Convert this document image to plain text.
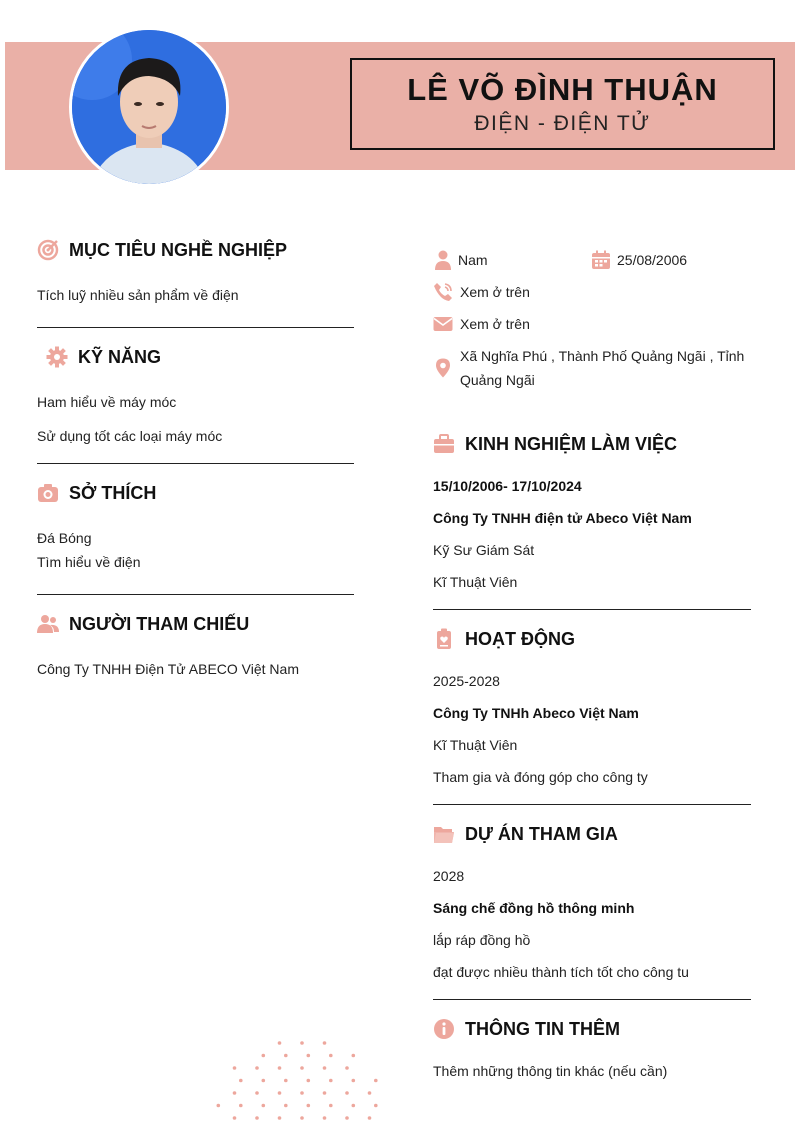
LÊ VÕ ĐÌNH THUẬN
ĐIỆN - ĐIỆN TỬ
MỤC TIÊU NGHỀ NGHIỆP
Tích luỹ nhiều sản phẩm về điện
KỸ NĂNG
Ham hiểu về máy móc
Sử dụng tốt các loại máy móc
SỞ THÍCH
Đá Bóng
Tìm hiểu về điện
NGƯỜI THAM CHIẾU
Công Ty TNHH Điện Tử ABECO Việt Nam
Nam	25/08/2006
Xem ở trên
Xem ở trên
Xã Nghĩa Phú , Thành Phố Quảng Ngãi , Tỉnh
Quảng Ngãi
KINH NGHIỆM LÀM VIỆC
15/10/2006- 17/10/2024
Công Ty TNHH điện tử Abeco Việt Nam
Kỹ Sư Giám Sát
Kĩ Thuật Viên
HOẠT ĐỘNG
2025-2028
Công Ty TNHh Abeco Việt Nam
Kĩ Thuật Viên
Tham gia và đóng góp cho công ty
DỰ ÁN THAM GIA
2028
Sáng chế đồng hồ thông minh
lắp ráp đồng hồ
đạt được nhiều thành tích tốt cho công tu
THÔNG TIN THÊM
Thêm những thông tin khác (nếu cần)
